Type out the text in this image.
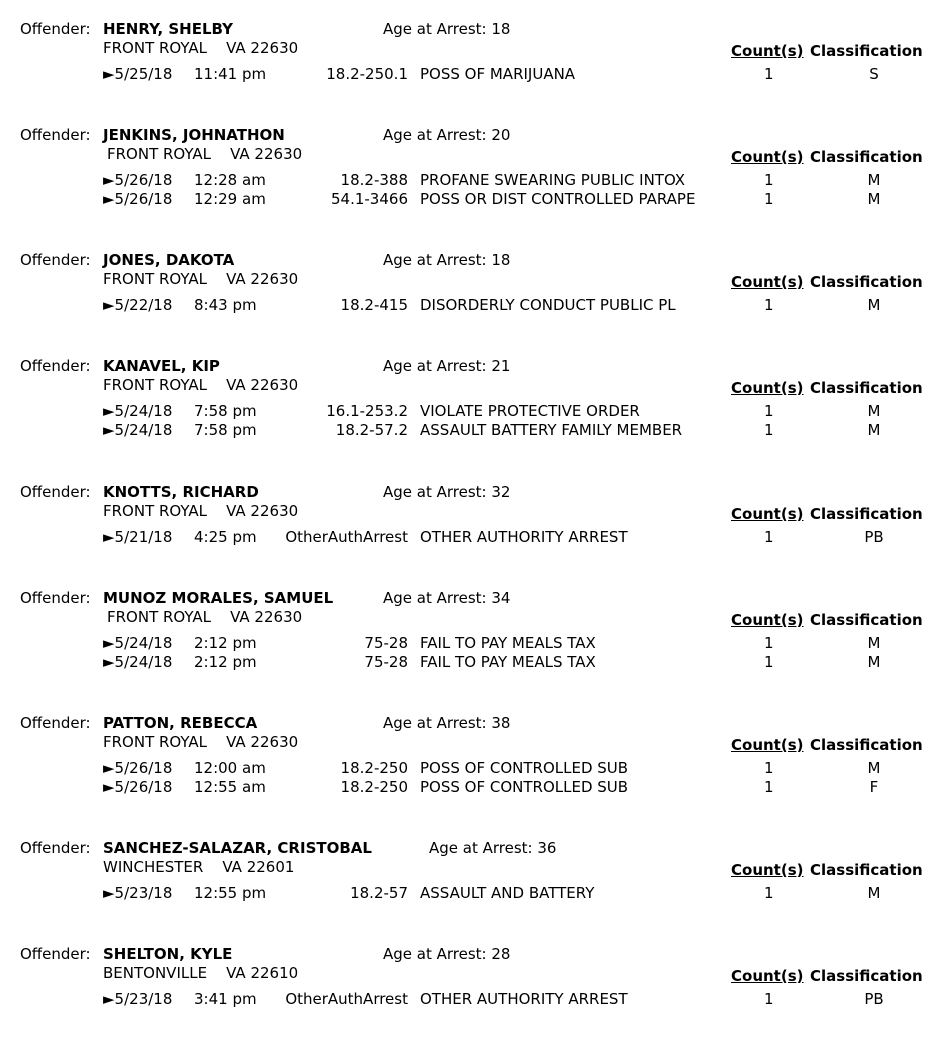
Offender: HENRY, SHELBY	Age at Arrest: 18
FRONT ROYAL    VA 22630	Count(s) Classification
►5/25/18 11:41 pm	18.2-250.1 POSS OF MARIJUANA	1	S
Offender: JENKINS, JOHNATHON	Age at Arrest: 20
FRONT ROYAL    VA 22630	Count(s) Classification
►5/26/18 12:28 am	18.2-388 PROFANE SWEARING PUBLIC INTOX	1	M
►5/26/18 12:29 am	54.1-3466 POSS OR DIST CONTROLLED PARAPE	1	M
Offender: JONES, DAKOTA	Age at Arrest: 18
FRONT ROYAL    VA 22630	Count(s) Classification
►5/22/18 8:43 pm	18.2-415 DISORDERLY CONDUCT PUBLIC PL	1	M
Offender: KANAVEL, KIP	Age at Arrest: 21
FRONT ROYAL    VA 22630	Count(s) Classification
►5/24/18 7:58 pm	16.1-253.2 VIOLATE PROTECTIVE ORDER	1	M
►5/24/18 7:58 pm	18.2-57.2 ASSAULT BATTERY FAMILY MEMBER	1	M
Offender: KNOTTS, RICHARD	Age at Arrest: 32
FRONT ROYAL    VA 22630	Count(s) Classification
►5/21/18 4:25 pm OtherAuthArrest OTHER AUTHORITY ARREST	1	PB
Offender: MUNOZ MORALES, SAMUEL	Age at Arrest: 34
FRONT ROYAL    VA 22630	Count(s) Classification
►5/24/18 2:12 pm	75-28 FAIL TO PAY MEALS TAX	1	M
►5/24/18 2:12 pm	75-28 FAIL TO PAY MEALS TAX	1	M
Offender: PATTON, REBECCA	Age at Arrest: 38
FRONT ROYAL    VA 22630	Count(s) Classification
►5/26/18 12:00 am	18.2-250 POSS OF CONTROLLED SUB	1	M
►5/26/18 12:55 am	18.2-250 POSS OF CONTROLLED SUB	1	F
Offender: SANCHEZ-SALAZAR, CRISTOBAL	Age at Arrest: 36
WINCHESTER    VA 22601	Count(s) Classification
►5/23/18 12:55 pm	18.2-57 ASSAULT AND BATTERY	1	M
Offender: SHELTON, KYLE	Age at Arrest: 28
BENTONVILLE    VA 22610	Count(s) Classification
►5/23/18 3:41 pm OtherAuthArrest OTHER AUTHORITY ARREST	1	PB
